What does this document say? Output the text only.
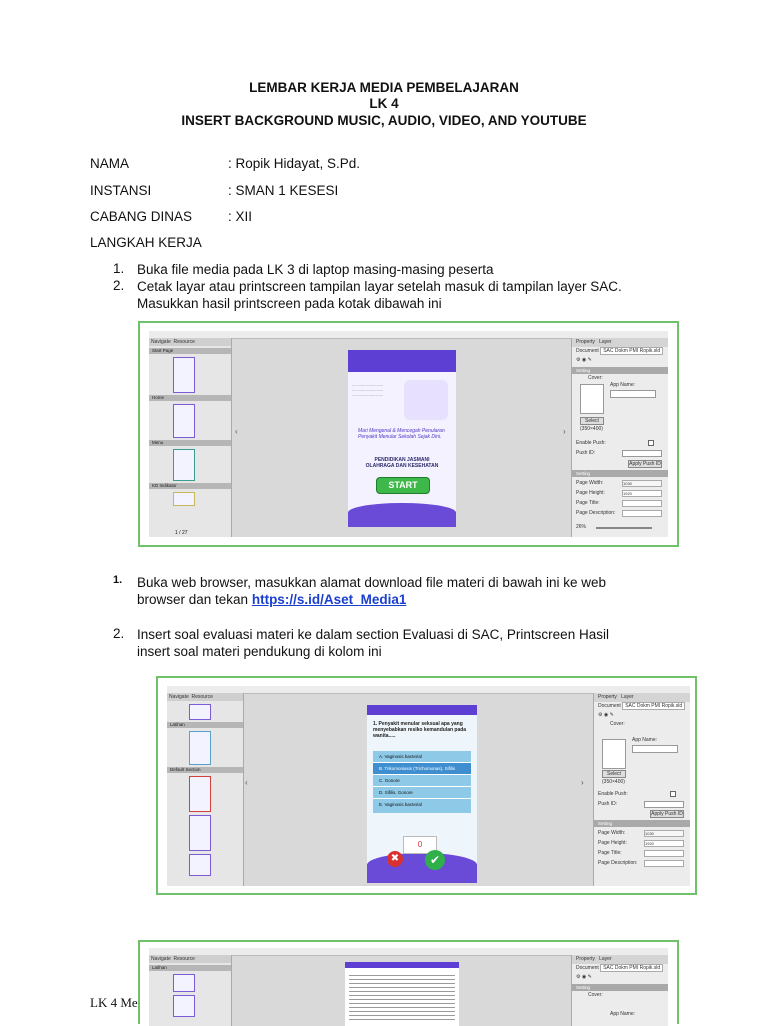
LEMBAR KERJA MEDIA PEMBELAJARAN
LK 4
INSERT BACKGROUND MUSIC, AUDIO, VIDEO, AND YOUTUBE
NAMA	: Ropik Hidayat, S.Pd.
INSTANSI	: SMAN 1 KESESI
CABANG DINAS	: XII
LANGKAH KERJA
1. Buka file media pada LK 3 di laptop masing-masing peserta
2. Cetak layar atau printscreen tampilan layar setelah masuk di tampilan layer SAC.
Masukkan hasil printscreen pada kotak dibawah ini
Navigate Resource
Start Page
Home
Menu
KD Indikator
1 / 27
‹	›
............................ ............................ ............................
Mari Mengenal & Mencegah Penularan Penyakit Menular Sekolah Sejak Dini.
PENDIDIKAN JASMANI OLAHRAGA DAN KESEHATAN
START
Property Layer
Document SAC Dokm PMI Ropik.sld
⚙ ◉ ✎
Setting
Cover:
App Name:
Select
(350×400)
Enable Push:
Push ID:
Apply Push ID
Setting
Page Width:	1030
Page Height:	1920
Page Title:
Page Description:
26%
1. Buka web browser, masukkan alamat download file materi di bawah ini ke web
browser dan tekan https://s.id/Aset_Media1
2. Insert soal evaluasi materi ke dalam section Evaluasi di SAC, Printscreen Hasil
insert soal materi pendukung di kolom ini
Navigate Resource
Latihan
Default Section
‹	›
1. Penyakit menular seksual apa yang menyebabkan resiko kemandulan pada wanita.....
A. Vaginosis bacterial
B. Trikomoniasis (Trichomonas), Sifilis
C. Gonore
D. Sifilis, Gonore
E. Vaginosis bacterial
0
✖	✔
Property Layer
Document SAC Dokm PMI Ropik.sld
⚙ ◉ ✎
Cover:
App Name:
Select
(350×400)
Enable Push:
Push ID:
Apply Push ID
Setting
Page Width:	1030
Page Height:	1920
Page Title:
Page Description:
Navigate Resource
Latihan
Property Layer
Document SAC Dokm PMI Ropik.sld
⚙ ◉ ✎
Setting
Cover:
App Name:
LK 4 Me
